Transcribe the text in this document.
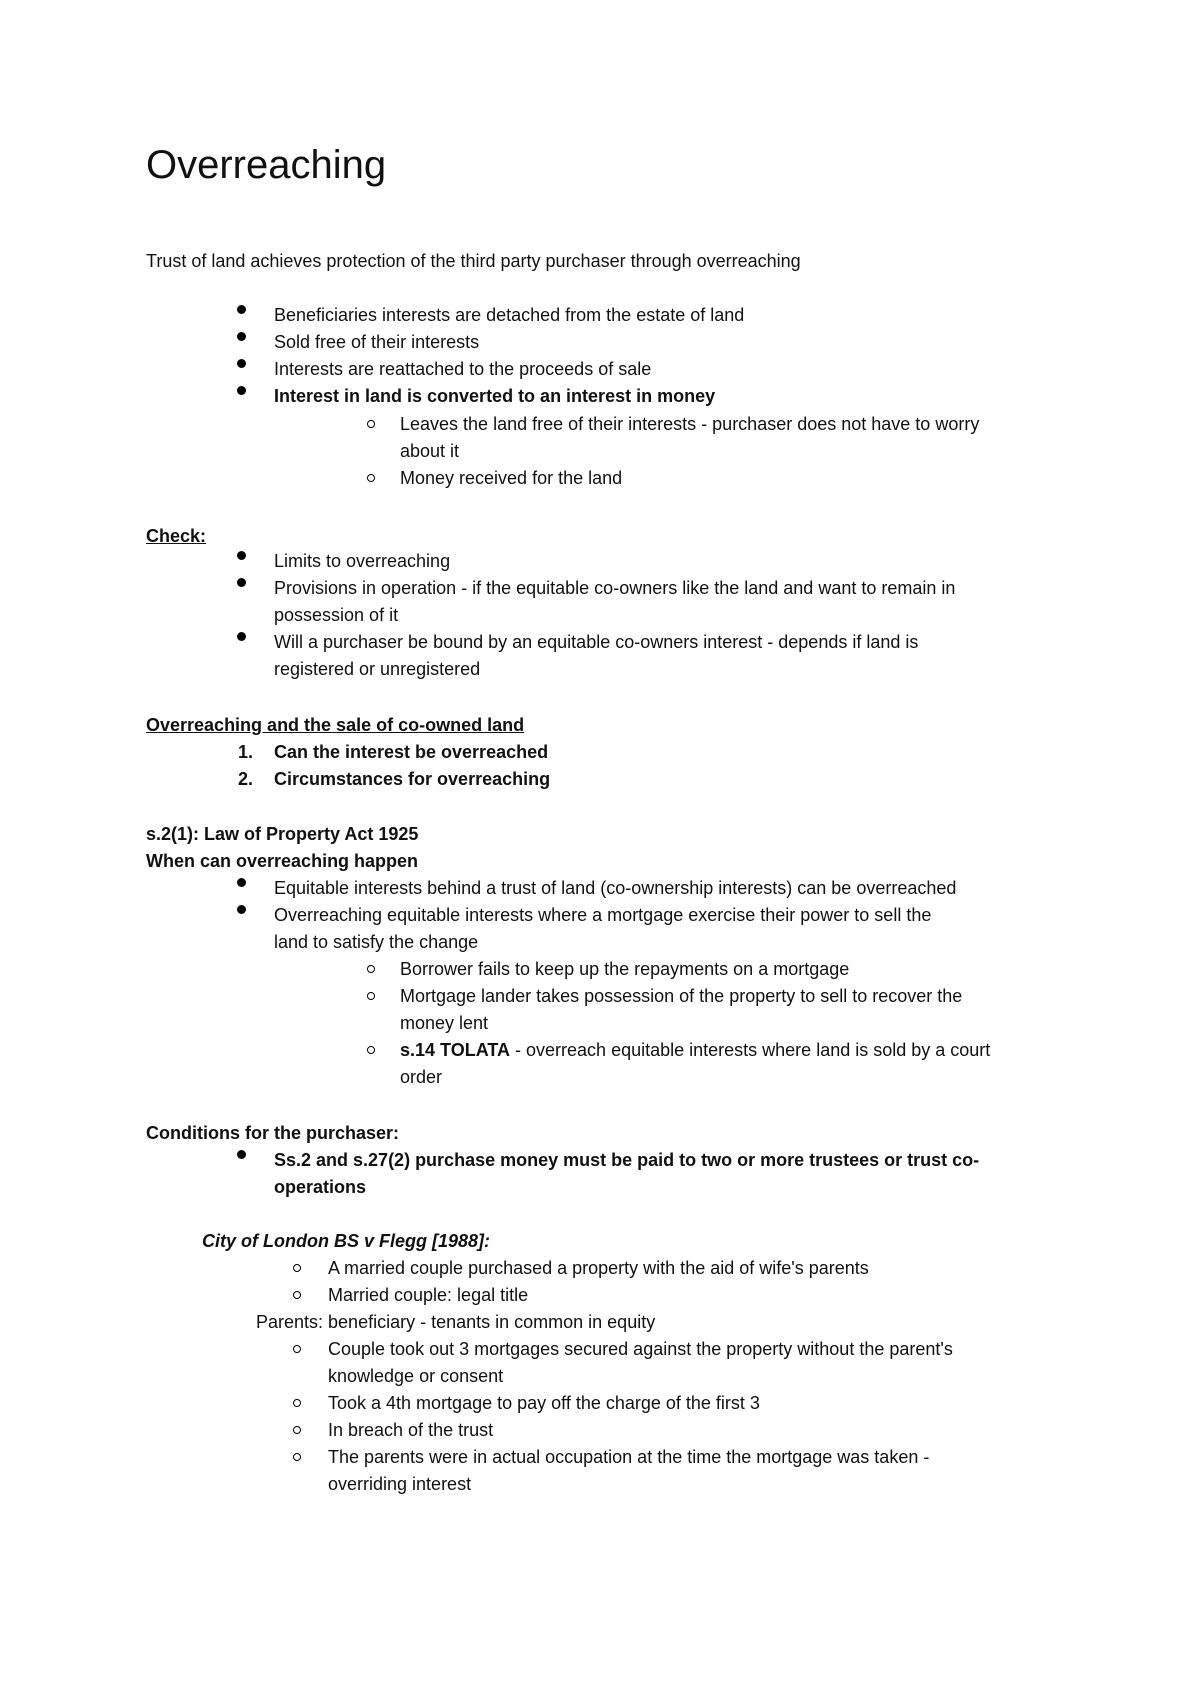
Overreaching
Trust of land achieves protection of the third party purchaser through overreaching
Beneficiaries interests are detached from the estate of land
Sold free of their interests
Interests are reattached to the proceeds of sale
Interest in land is converted to an interest in money
Leaves the land free of their interests - purchaser does not have to worry
about it
Money received for the land
Check:
Limits to overreaching
Provisions in operation - if the equitable co-owners like the land and want to remain in
possession of it
Will a purchaser be bound by an equitable co-owners interest - depends if land is
registered or unregistered
Overreaching and the sale of co-owned land
1. Can the interest be overreached
2. Circumstances for overreaching
s.2(1): Law of Property Act 1925
When can overreaching happen
Equitable interests behind a trust of land (co-ownership interests) can be overreached
Overreaching equitable interests where a mortgage exercise their power to sell the
land to satisfy the change
Borrower fails to keep up the repayments on a mortgage
Mortgage lander takes possession of the property to sell to recover the
money lent
s.14 TOLATA - overreach equitable interests where land is sold by a court
order
Conditions for the purchaser:
Ss.2 and s.27(2) purchase money must be paid to two or more trustees or trust co-
operations
City of London BS v Flegg [1988]:
A married couple purchased a property with the aid of wife's parents
Married couple: legal title
Parents: beneficiary - tenants in common in equity
Couple took out 3 mortgages secured against the property without the parent's
knowledge or consent
Took a 4th mortgage to pay off the charge of the first 3
In breach of the trust
The parents were in actual occupation at the time the mortgage was taken -
overriding interest
